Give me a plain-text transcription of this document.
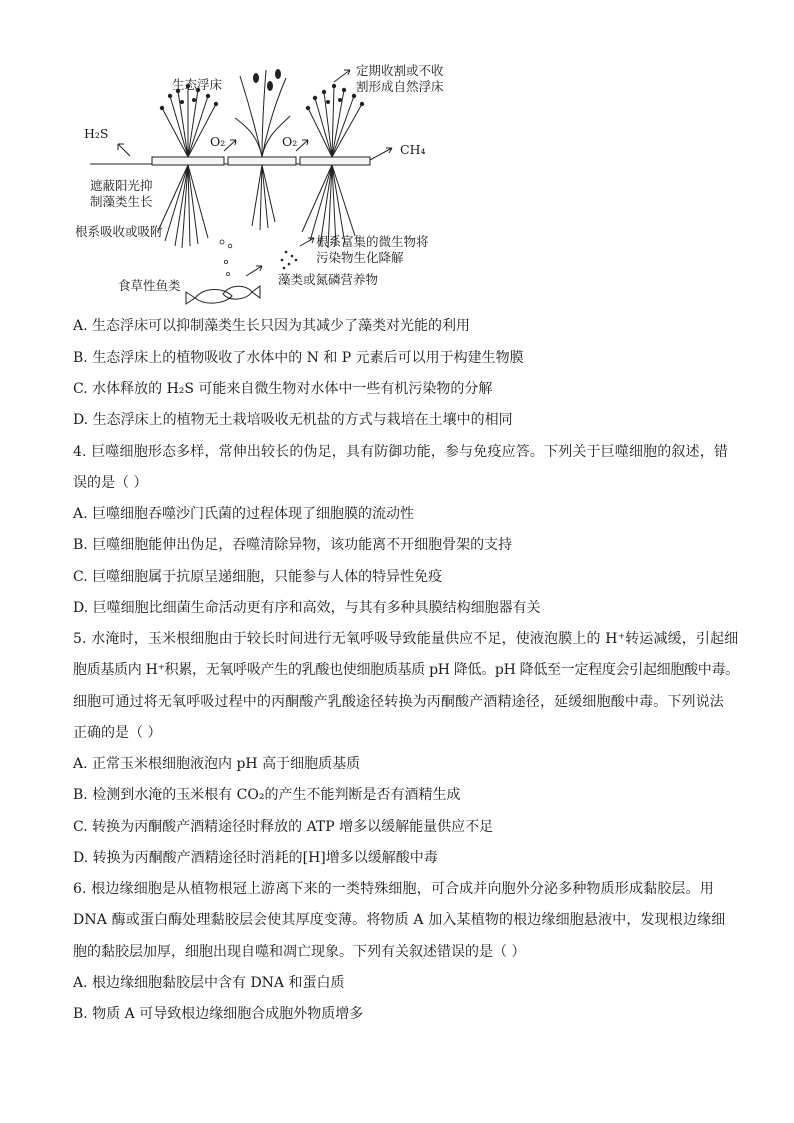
生态浮床
定期收割或不收割形成自然浮床
O₂	O₂
H₂S
CH₄
遮蔽阳光抑制藻类生长
根系吸收或吸附
根系富集的微生物将污染物生化降解
藻类或氮磷营养物
食草性鱼类
A. 生态浮床可以抑制藻类生长只因为其减少了藻类对光能的利用
B. 生态浮床上的植物吸收了水体中的 N 和 P 元素后可以用于构建生物膜
C. 水体释放的 H₂S 可能来自微生物对水体中一些有机污染物的分解
D. 生态浮床上的植物无土栽培吸收无机盐的方式与栽培在土壤中的相同
4. 巨噬细胞形态多样，常伸出较长的伪足，具有防御功能，参与免疫应答。下列关于巨噬细胞的叙述，错
误的是（ ）
A. 巨噬细胞吞噬沙门氏菌的过程体现了细胞膜的流动性
B. 巨噬细胞能伸出伪足，吞噬清除异物，该功能离不开细胞骨架的支持
C. 巨噬细胞属于抗原呈递细胞，只能参与人体的特异性免疫
D. 巨噬细胞比细菌生命活动更有序和高效，与其有多种具膜结构细胞器有关
5. 水淹时，玉米根细胞由于较长时间进行无氧呼吸导致能量供应不足，使液泡膜上的 H⁺转运减缓，引起细
胞质基质内 H⁺积累，无氧呼吸产生的乳酸也使细胞质基质 pH 降低。pH 降低至一定程度会引起细胞酸中毒。
细胞可通过将无氧呼吸过程中的丙酮酸产乳酸途径转换为丙酮酸产酒精途径，延缓细胞酸中毒。下列说法
正确的是（ ）
A. 正常玉米根细胞液泡内 pH 高于细胞质基质
B. 检测到水淹的玉米根有 CO₂的产生不能判断是否有酒精生成
C. 转换为丙酮酸产酒精途径时释放的 ATP 增多以缓解能量供应不足
D. 转换为丙酮酸产酒精途径时消耗的[H]增多以缓解酸中毒
6. 根边缘细胞是从植物根冠上游离下来的一类特殊细胞，可合成并向胞外分泌多种物质形成黏胶层。用
DNA 酶或蛋白酶处理黏胶层会使其厚度变薄。将物质 A 加入某植物的根边缘细胞悬液中，发现根边缘细
胞的黏胶层加厚，细胞出现自噬和凋亡现象。下列有关叙述错误的是（ ）
A. 根边缘细胞黏胶层中含有 DNA 和蛋白质
B. 物质 A 可导致根边缘细胞合成胞外物质增多
